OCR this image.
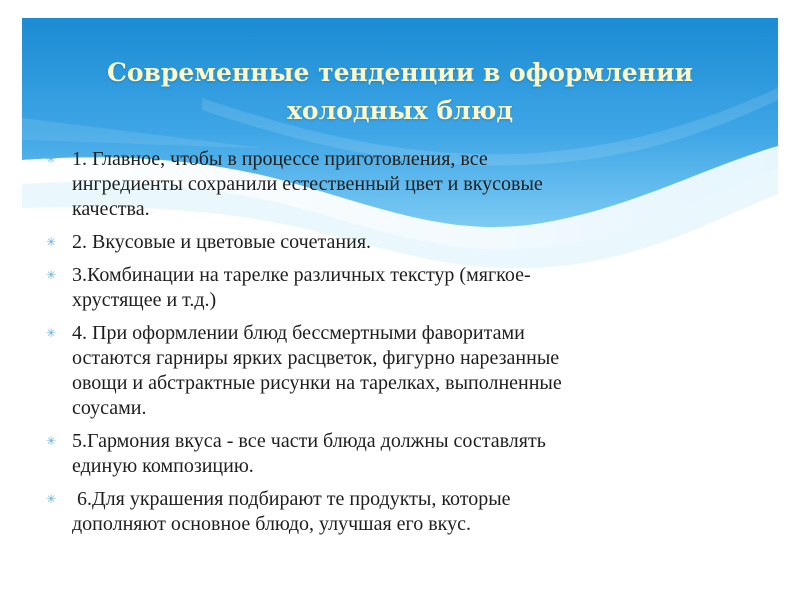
Современные тенденции в оформлении
холодных блюд
✳ 1. Главное, чтобы в процессе приготовления, все
ингредиенты сохранили естественный цвет и вкусовые
качества.
✳ 2. Вкусовые и цветовые сочетания.
✳ 3.Комбинации на тарелке различных текстур (мягкое-
хрустящее и т.д.)
✳ 4. При оформлении блюд бессмертными фаворитами
остаются гарниры ярких расцветок, фигурно нарезанные
овощи и абстрактные рисунки на тарелках, выполненные
соусами.
✳ 5.Гармония вкуса - все части блюда должны составлять
единую композицию.
✳ 6.Для украшения подбирают те продукты, которые
дополняют основное блюдо, улучшая его вкус.
